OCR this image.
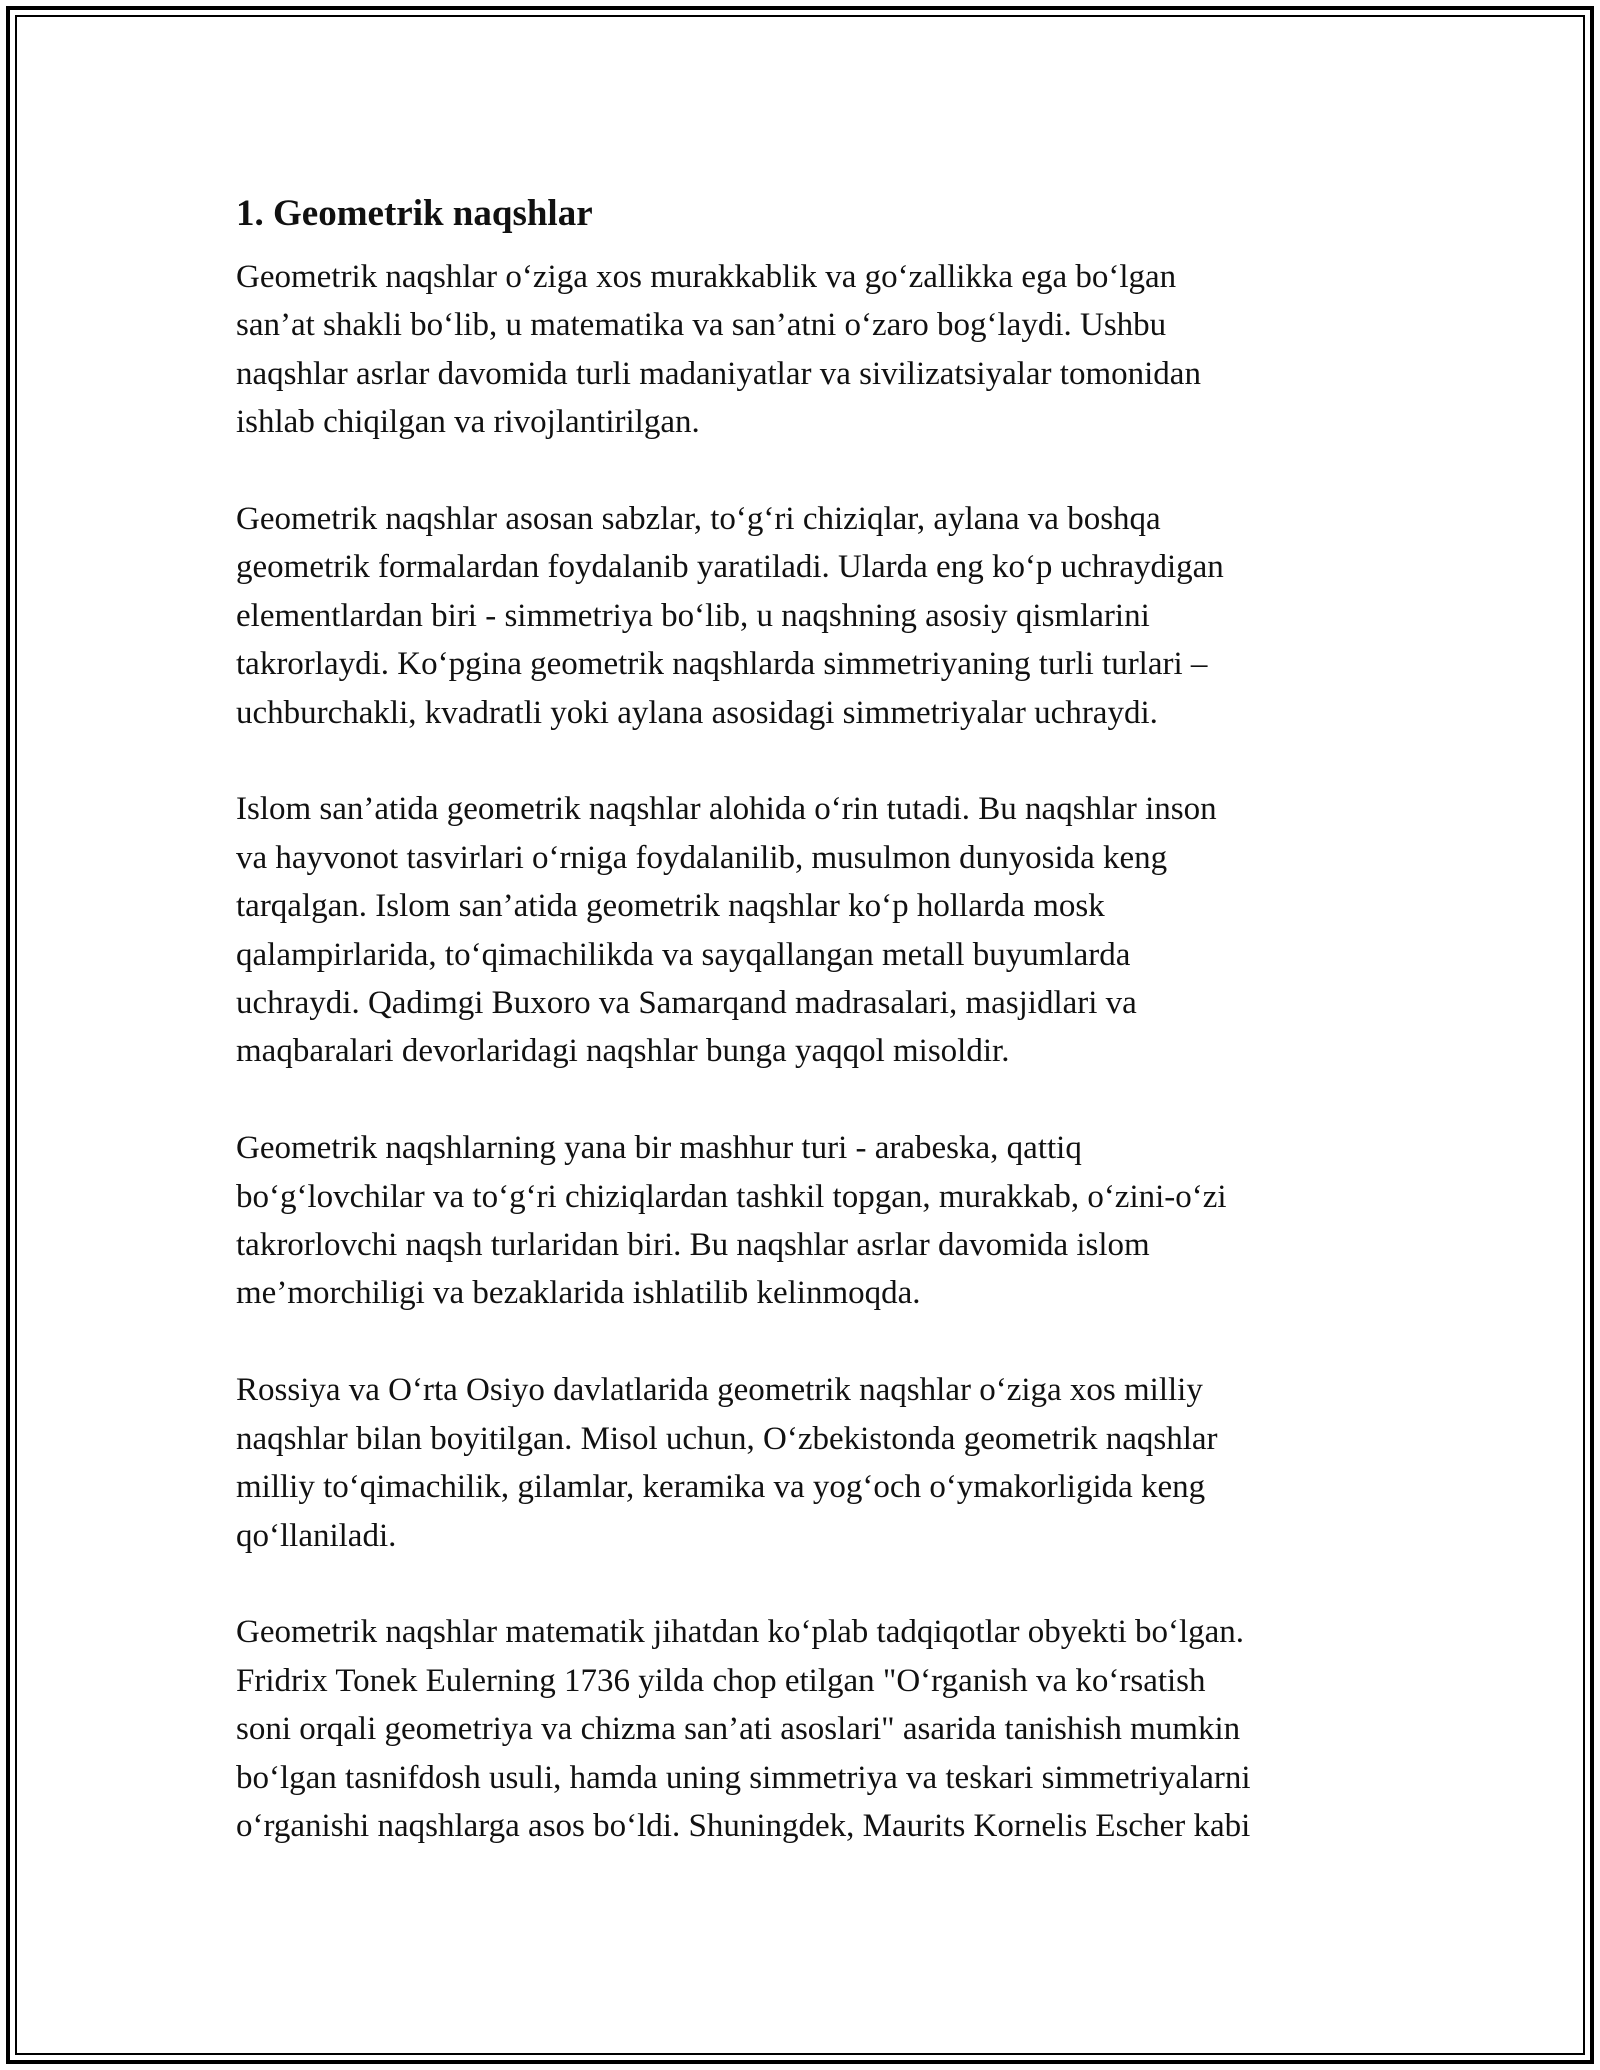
1. Geometrik naqshlar
Geometrik naqshlar o‘ziga xos murakkablik va go‘zallikka ega bo‘lgan
san’at shakli bo‘lib, u matematika va san’atni o‘zaro bog‘laydi. Ushbu
naqshlar asrlar davomida turli madaniyatlar va sivilizatsiyalar tomonidan
ishlab chiqilgan va rivojlantirilgan.
Geometrik naqshlar asosan sabzlar, to‘g‘ri chiziqlar, aylana va boshqa
geometrik formalardan foydalanib yaratiladi. Ularda eng ko‘p uchraydigan
elementlardan biri - simmetriya bo‘lib, u naqshning asosiy qismlarini
takrorlaydi. Ko‘pgina geometrik naqshlarda simmetriyaning turli turlari –
uchburchakli, kvadratli yoki aylana asosidagi simmetriyalar uchraydi.
Islom san’atida geometrik naqshlar alohida o‘rin tutadi. Bu naqshlar inson
va hayvonot tasvirlari o‘rniga foydalanilib, musulmon dunyosida keng
tarqalgan. Islom san’atida geometrik naqshlar ko‘p hollarda mosk
qalampirlarida, to‘qimachilikda va sayqallangan metall buyumlarda
uchraydi. Qadimgi Buxoro va Samarqand madrasalari, masjidlari va
maqbaralari devorlaridagi naqshlar bunga yaqqol misoldir.
Geometrik naqshlarning yana bir mashhur turi - arabeska, qattiq
bo‘g‘lovchilar va to‘g‘ri chiziqlardan tashkil topgan, murakkab, o‘zini-o‘zi
takrorlovchi naqsh turlaridan biri. Bu naqshlar asrlar davomida islom
me’morchiligi va bezaklarida ishlatilib kelinmoqda.
Rossiya va O‘rta Osiyo davlatlarida geometrik naqshlar o‘ziga xos milliy
naqshlar bilan boyitilgan. Misol uchun, O‘zbekistonda geometrik naqshlar
milliy to‘qimachilik, gilamlar, keramika va yog‘och o‘ymakorligida keng
qo‘llaniladi.
Geometrik naqshlar matematik jihatdan ko‘plab tadqiqotlar obyekti bo‘lgan.
Fridrix Tonek Eulerning 1736 yilda chop etilgan "O‘rganish va ko‘rsatish
soni orqali geometriya va chizma san’ati asoslari" asarida tanishish mumkin
bo‘lgan tasnifdosh usuli, hamda uning simmetriya va teskari simmetriyalarni
o‘rganishi naqshlarga asos bo‘ldi. Shuningdek, Maurits Kornelis Escher kabi
